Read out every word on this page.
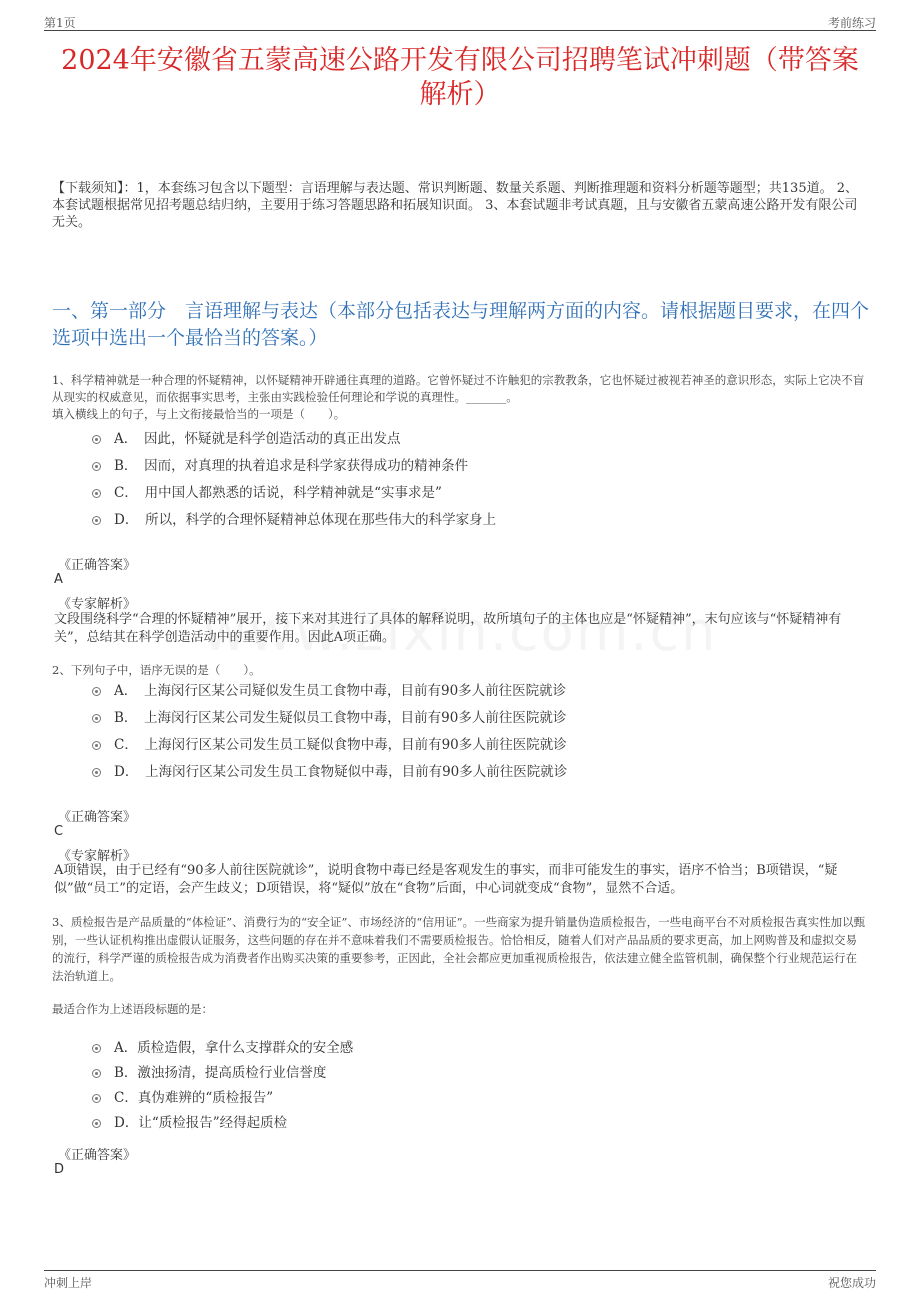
第1页	考前练习
2024年安徽省五蒙高速公路开发有限公司招聘笔试冲刺题（带答案解析）

【下载须知】：1，本套练习包含以下题型：言语理解与表达题、常识判断题、数量关系题、判断推理题和资料分析题等题型；共135道。 2、本套试题根据常见招考题总结归纳，主要用于练习答题思路和拓展知识面。 3、本套试题非考试真题，且与安徽省五蒙高速公路开发有限公司无关。

一、第一部分　言语理解与表达（本部分包括表达与理解两方面的内容。请根据题目要求，在四个选项中选出一个最恰当的答案。）

1、科学精神就是一种合理的怀疑精神，以怀疑精神开辟通往真理的道路。它曾怀疑过不许触犯的宗教教条，它也怀疑过被视若神圣的意识形态，实际上它决不盲从现实的权威意见，而依据事实思考，主张由实践检验任何理论和学说的真理性。_______。

填入横线上的句子，与上文衔接最恰当的一项是（　　）。

A．　因此，怀疑就是科学创造活动的真正出发点
B．　因而，对真理的执着追求是科学家获得成功的精神条件
C．　用中国人都熟悉的话说，科学精神就是“实事求是”
D．　所以，科学的合理怀疑精神总体现在那些伟大的科学家身上

《正确答案》

A

《专家解析》

文段围绕科学“合理的怀疑精神”展开，接下来对其进行了具体的解释说明，故所填句子的主体也应是“怀疑精神”，末句应该与“怀疑精神有关”，总结其在科学创造活动中的重要作用。因此A项正确。

2、下列句子中，语序无误的是（　　）。

A．　上海闵行区某公司疑似发生员工食物中毒，目前有90多人前往医院就诊
B．　上海闵行区某公司发生疑似员工食物中毒，目前有90多人前往医院就诊
C．　上海闵行区某公司发生员工疑似食物中毒，目前有90多人前往医院就诊
D．　上海闵行区某公司发生员工食物疑似中毒，目前有90多人前往医院就诊

《正确答案》

C

《专家解析》

A项错误，由于已经有“90多人前往医院就诊”，说明食物中毒已经是客观发生的事实，而非可能发生的事实，语序不恰当；B项错误，“疑似”做“员工”的定语，会产生歧义；D项错误，将“疑似”放在“食物”后面，中心词就变成“食物”，显然不合适。

3、质检报告是产品质量的“体检证”、消费行为的“安全证”、市场经济的“信用证”。一些商家为提升销量伪造质检报告，一些电商平台不对质检报告真实性加以甄别，一些认证机构推出虚假认证服务，这些问题的存在并不意味着我们不需要质检报告。恰恰相反，随着人们对产品品质的要求更高，加上网购普及和虚拟交易的流行，科学严谨的质检报告成为消费者作出购买决策的重要参考，正因此，全社会都应更加重视质检报告，依法建立健全监管机制，确保整个行业规范运行在法治轨道上。

最适合作为上述语段标题的是：

A．质检造假，拿什么支撑群众的安全感
B．激浊扬清，提高质检行业信誉度
C．真伪难辨的“质检报告”
D．让“质检报告”经得起质检

《正确答案》

D

冲刺上岸	祝您成功
